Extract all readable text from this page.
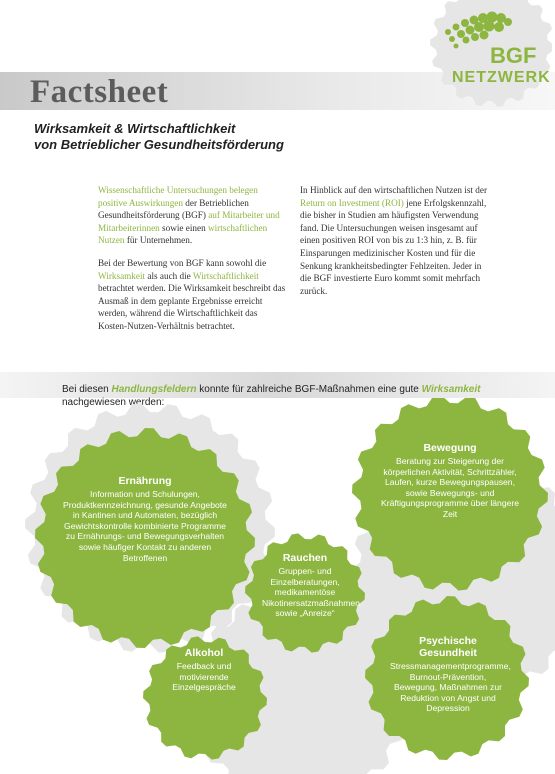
Factsheet
Wirksamkeit & Wirtschaftlichkeit
von Betrieblicher Gesundheitsförderung
BGF
NETZWERK

Wissenschaftliche Untersuchungen belegen positive Auswirkungen der Betrieblichen Gesundheitsförderung (BGF) auf Mitarbeiter und Mitarbeiterinnen sowie einen wirtschaftlichen Nutzen für Unternehmen.

Bei der Bewertung von BGF kann sowohl die Wirksamkeit als auch die Wirtschaftlichkeit betrachtet werden. Die Wirksamkeit beschreibt das Ausmaß in dem geplante Ergebnisse erreicht werden, während die Wirtschaftlichkeit das Kosten-Nutzen-Verhältnis betrachtet.

In Hinblick auf den wirtschaftlichen Nutzen ist der Return on Investment (ROI) jene Erfolgskennzahl, die bisher in Studien am häufigsten Verwendung fand. Die Untersuchungen weisen insgesamt auf einen positiven ROI von bis zu 1:3 hin, z. B. für Einsparungen medizinischer Kosten und für die Senkung krankheitsbedingter Fehlzeiten. Jeder in die BGF investierte Euro kommt somit mehrfach zurück.

Bei diesen Handlungsfeldern konnte für zahlreiche BGF-Maßnahmen eine gute Wirksamkeit nachgewiesen werden:
Ernährung
Information und Schulungen, Produktkennzeichnung, gesunde Angebote in Kantinen und Automaten, bezüglich Gewichtskontrolle kombinierte Programme zu Ernährungs- und Bewegungsverhalten sowie häufiger Kontakt zu anderen Betroffenen
Bewegung
Beratung zur Steigerung der körperlichen Aktivität, Schrittzähler, Laufen, kurze Bewegungspausen, sowie Bewegungs- und Kräftigungsprogramme über längere Zeit
Rauchen
Gruppen- und Einzelberatungen, medikamentöse Nikotinersatzmaßnahmen sowie „Anreize“
Alkohol
Feedback und motivierende Einzelgespräche
Psychische Gesundheit
Stressmanagementprogramme, Burnout-Prävention, Bewegung, Maßnahmen zur Reduktion von Angst und Depression
